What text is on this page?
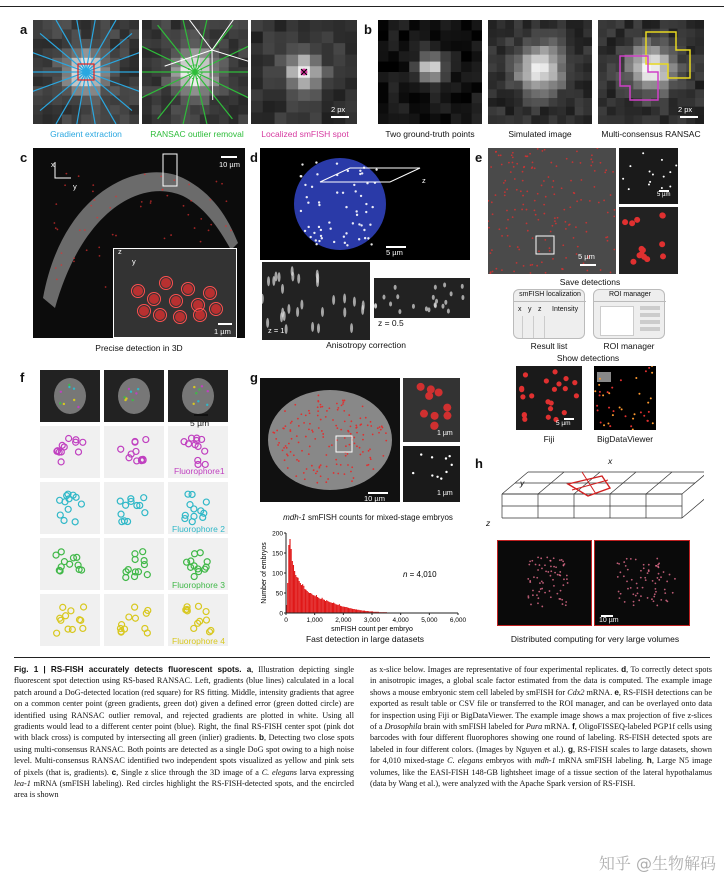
a
2 px
Gradient extraction	RANSAC outlier removal	Localized smFISH spot
b
2 px
Two ground-truth points	Simulated image	Multi-consensus RANSAC
c	x
y
10 µm
z
y
1 µm
Precise detection in 3D
d
z
5 µm
z = 1
z = 0.5
Anisotropy correction
e
5 µm
5 µm
Save detections
smFISH localization
x y z Intensity
ROI manager
Result list	ROI manager
Show detections
5 µm
Fiji	BigDataViewer
f
Fluorophore1
Fluorophore 2
Fluorophore 3
Fluorophore 4
5 µm
g
10 µm
1 µm
1 µm
mdh-1 smFISH counts for mixed-stage embryos
0	1,000 2,000 3,000 4,000 5,000 6,000
0
50
100
150
200
smFISH count per embryo
Number of embryos	n = 4,010
Fast detection in large datasets
h	x
y
z
10 µm
Distributed computing for very large volumes
Fig. 1 | RS-FISH accurately detects fluorescent spots. a, Illustration depicting single fluorescent spot detection using RS-based RANSAC. Left, gradients (blue lines) calculated in a local patch around a DoG-detected location (red square) for RS fitting. Middle, intensity gradients that agree on a common center point (green gradients, green dot) given a defined error (green dotted circle) are identified using RANSAC outlier removal, and rejected gradients are plotted in white. Using all gradients would lead to a different center point (blue). Right, the final RS-FISH center spot (pink dot with black cross) is computed by intersecting all green (inlier) gradients. b, Detecting two close spots using multi-consensus RANSAC. Both points are detected as a single DoG spot owing to a high noise level. Multi-consensus RANSAC identified two independent spots visualized as yellow and pink sets of pixels (that is, gradients). c, Single z slice through the 3D image of a C. elegans larva expressing lea-1 mRNA (smFISH labeling). Red circles highlight the RS-FISH-detected spots, and the encircled area is shown
as x-slice below. Images are representative of four experimental replicates. d, To correctly detect spots in anisotropic images, a global scale factor estimated from the data is computed. The example image shows a mouse embryonic stem cell labeled by smFISH for Cdx2 mRNA. e, RS-FISH detections can be exported as result table or CSV file or transferred to the ROI manager, and can be overlayed onto data for inspection using Fiji or BigDataViewer. The example image shows a max projection of five z-slices of a Drosophila brain with smFISH labeled for Pura mRNA. f, OligoFISSEQ-labeled PGP1f cells using barcodes with four different fluorophores showing one round of labeling. RS-FISH detected spots are labeled in four different colors. (Images by Nguyen et al.). g, RS-FISH scales to large datasets, shown for 4,010 mixed-stage C. elegans embryos with mdh-1 mRNA smFISH labeling. h, Large N5 image volumes, like the EASI-FISH 148-GB lightsheet image of a tissue section of the lateral hypothalamus (data by Wang et al.), were analyzed with the Apache Spark version of RS-FISH.
知乎 @生物解码
